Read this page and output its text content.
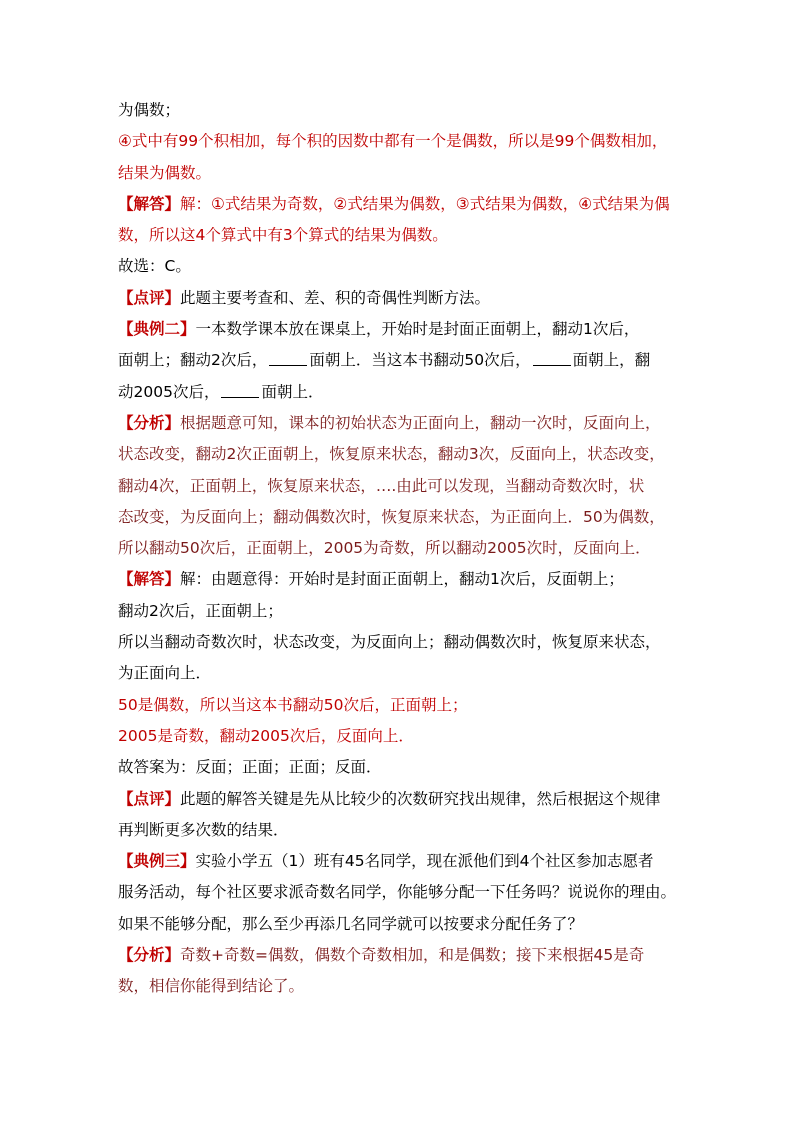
为偶数；
④式中有99个积相加，每个积的因数中都有一个是偶数，所以是99个偶数相加，
结果为偶数。
【解答】解：①式结果为奇数，②式结果为偶数，③式结果为偶数，④式结果为偶
数，所以这4个算式中有3个算式的结果为偶数。
故选：C。
【点评】此题主要考查和、差、积的奇偶性判断方法。
【典例二】一本数学课本放在课桌上，开始时是封面正面朝上，翻动1次后，
面朝上；翻动2次后，	面朝上．当这本书翻动50次后，	面朝上，翻
动2005次后，	面朝上．
【分析】根据题意可知，课本的初始状态为正面向上，翻动一次时，反面向上，
状态改变，翻动2次正面朝上，恢复原来状态，翻动3次，反面向上，状态改变，
翻动4次，正面朝上，恢复原来状态，….由此可以发现，当翻动奇数次时，状
态改变，为反面向上；翻动偶数次时，恢复原来状态，为正面向上．50为偶数，
所以翻动50次后，正面朝上，2005为奇数，所以翻动2005次时，反面向上．
【解答】解：由题意得：开始时是封面正面朝上，翻动1次后，反面朝上；
翻动2次后，正面朝上；
所以当翻动奇数次时，状态改变，为反面向上；翻动偶数次时，恢复原来状态，
为正面向上．
50是偶数，所以当这本书翻动50次后，正面朝上；
2005是奇数，翻动2005次后，反面向上．
故答案为：反面；正面；正面；反面．
【点评】此题的解答关键是先从比较少的次数研究找出规律，然后根据这个规律
再判断更多次数的结果．
【典例三】实验小学五（1）班有45名同学，现在派他们到4个社区参加志愿者
服务活动，每个社区要求派奇数名同学，你能够分配一下任务吗？说说你的理由。
如果不能够分配，那么至少再添几名同学就可以按要求分配任务了？
【分析】奇数+奇数=偶数，偶数个奇数相加，和是偶数；接下来根据45是奇
数，相信你能得到结论了。
